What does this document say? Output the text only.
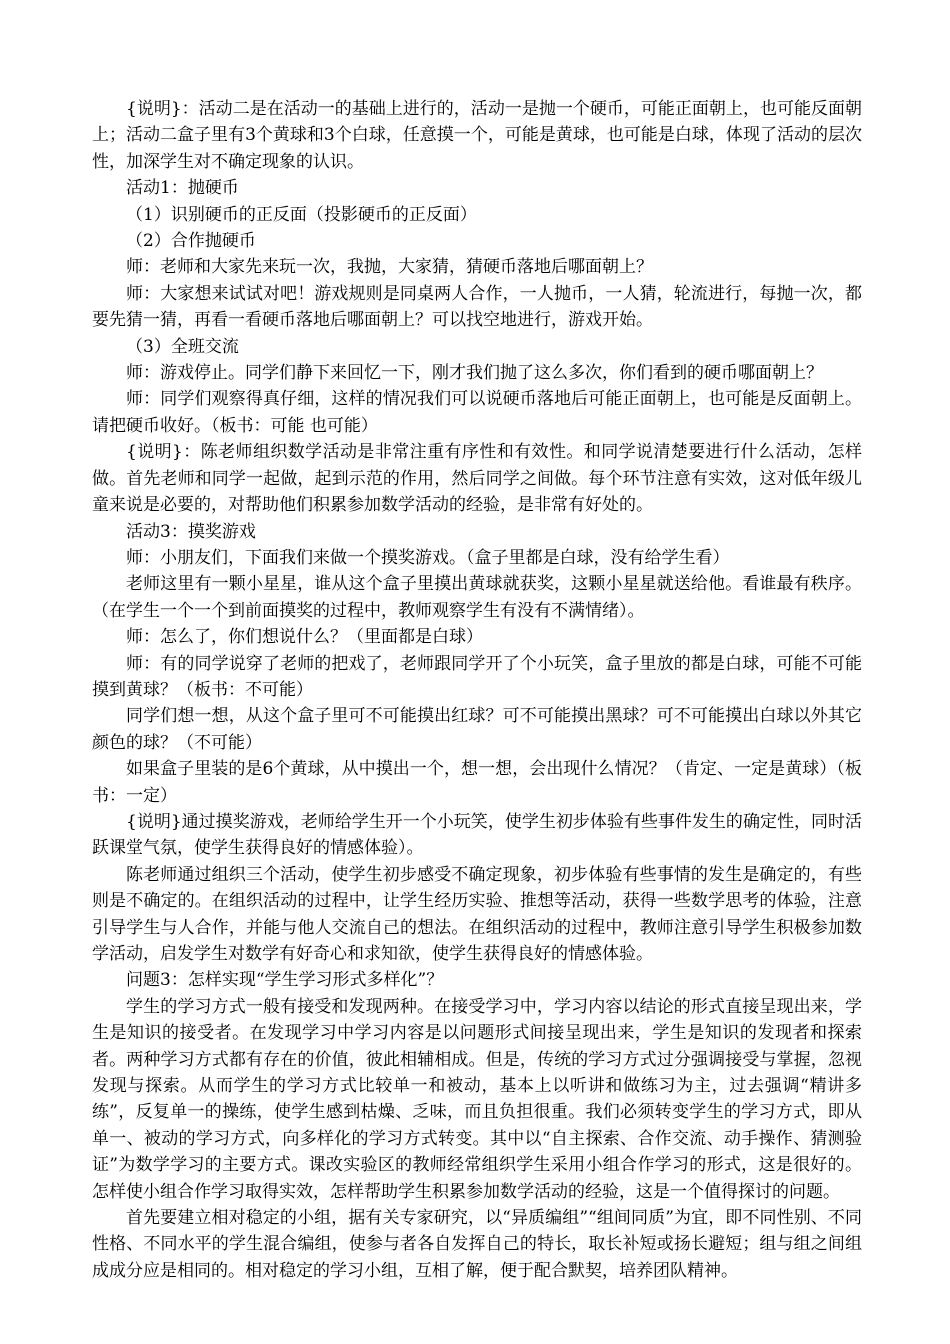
{说明}：活动二是在活动一的基础上进行的，活动一是抛一个硬币，可能正面朝上，也可能反面朝上；活动二盒子里有3个黄球和3个白球，任意摸一个，可能是黄球，也可能是白球，体现了活动的层次性，加深学生对不确定现象的认识。

活动1：抛硬币

（1）识别硬币的正反面（投影硬币的正反面）

（2）合作抛硬币

师：老师和大家先来玩一次，我抛，大家猜，猜硬币落地后哪面朝上？

师：大家想来试试对吧！游戏规则是同桌两人合作，一人抛币，一人猜，轮流进行，每抛一次，都要先猜一猜，再看一看硬币落地后哪面朝上？可以找空地进行，游戏开始。

（3）全班交流

师：游戏停止。同学们静下来回忆一下，刚才我们抛了这么多次，你们看到的硬币哪面朝上？

师：同学们观察得真仔细，这样的情况我们可以说硬币落地后可能正面朝上，也可能是反面朝上。请把硬币收好。（板书：可能 也可能）

{说明}：陈老师组织数学活动是非常注重有序性和有效性。和同学说清楚要进行什么活动，怎样做。首先老师和同学一起做，起到示范的作用，然后同学之间做。每个环节注意有实效，这对低年级儿童来说是必要的，对帮助他们积累参加数学活动的经验，是非常有好处的。

活动3：摸奖游戏

师：小朋友们，下面我们来做一个摸奖游戏。（盒子里都是白球，没有给学生看）

老师这里有一颗小星星，谁从这个盒子里摸出黄球就获奖，这颗小星星就送给他。看谁最有秩序。（在学生一个一个到前面摸奖的过程中，教师观察学生有没有不满情绪）。

师：怎么了，你们想说什么？（里面都是白球）

师：有的同学说穿了老师的把戏了，老师跟同学开了个小玩笑，盒子里放的都是白球，可能不可能摸到黄球？（板书：不可能）

同学们想一想，从这个盒子里可不可能摸出红球？可不可能摸出黑球？可不可能摸出白球以外其它颜色的球？（不可能）

如果盒子里装的是6个黄球，从中摸出一个，想一想，会出现什么情况？（肯定、一定是黄球）（板书：一定）

{说明}通过摸奖游戏，老师给学生开一个小玩笑，使学生初步体验有些事件发生的确定性，同时活跃课堂气氛，使学生获得良好的情感体验）。

陈老师通过组织三个活动，使学生初步感受不确定现象，初步体验有些事情的发生是确定的，有些则是不确定的。在组织活动的过程中，让学生经历实验、推想等活动，获得一些数学思考的体验，注意引导学生与人合作，并能与他人交流自己的想法。在组织活动的过程中，教师注意引导学生积极参加数学活动，启发学生对数学有好奇心和求知欲，使学生获得良好的情感体验。

问题3：怎样实现“学生学习形式多样化”？

学生的学习方式一般有接受和发现两种。在接受学习中，学习内容以结论的形式直接呈现出来，学生是知识的接受者。在发现学习中学习内容是以问题形式间接呈现出来，学生是知识的发现者和探索者。两种学习方式都有存在的价值，彼此相辅相成。但是，传统的学习方式过分强调接受与掌握，忽视发现与探索。从而学生的学习方式比较单一和被动，基本上以听讲和做练习为主，过去强调“精讲多练”，反复单一的操练，使学生感到枯燥、乏味，而且负担很重。我们必须转变学生的学习方式，即从单一、被动的学习方式，向多样化的学习方式转变。其中以“自主探索、合作交流、动手操作、猜测验证”为数学学习的主要方式。课改实验区的教师经常组织学生采用小组合作学习的形式，这是很好的。怎样使小组合作学习取得实效，怎样帮助学生积累参加数学活动的经验，这是一个值得探讨的问题。

首先要建立相对稳定的小组，据有关专家研究，以“异质编组”“组间同质”为宜，即不同性别、不同性格、不同水平的学生混合编组，使参与者各自发挥自己的特长，取长补短或扬长避短；组与组之间组成成分应是相同的。相对稳定的学习小组，互相了解，便于配合默契，培养团队精神。
